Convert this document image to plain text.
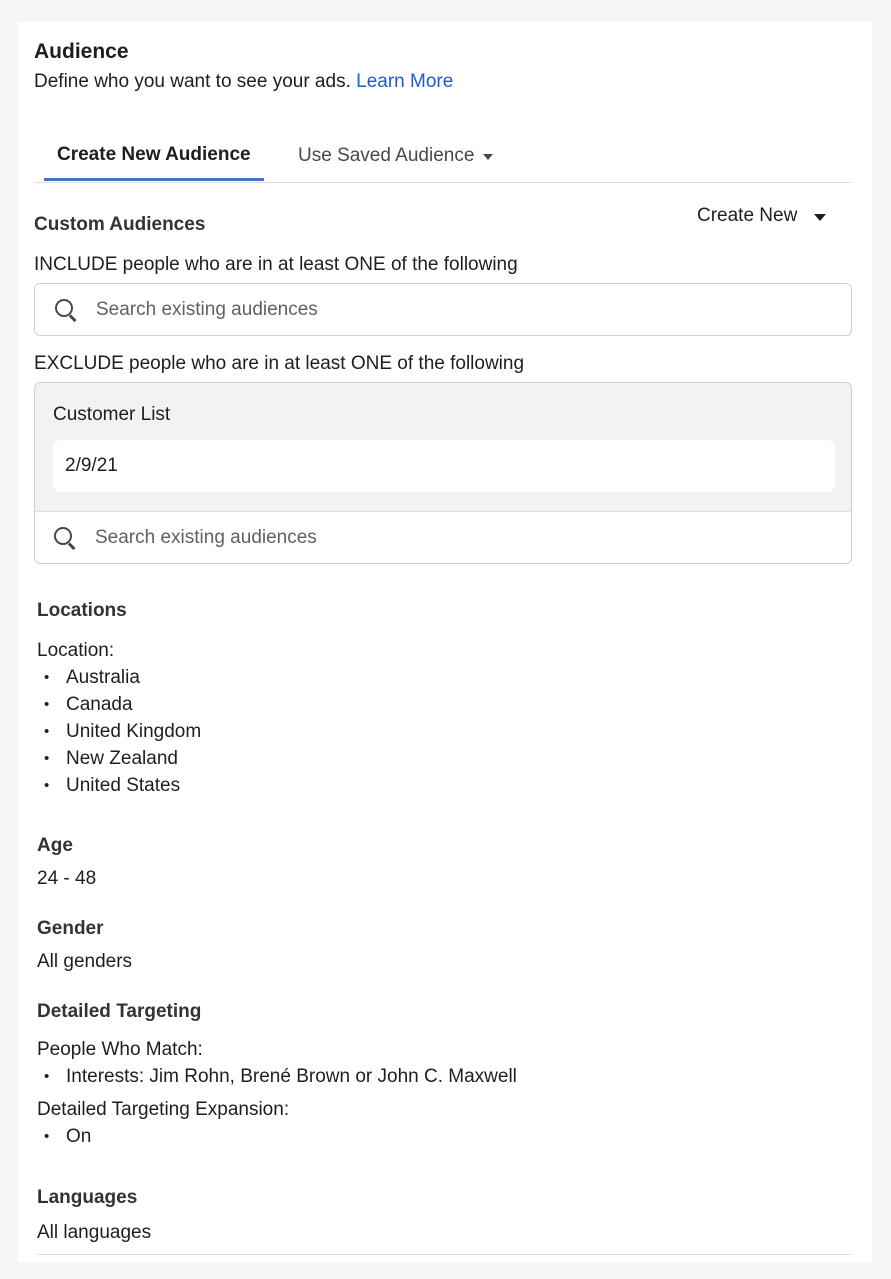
Audience
Define who you want to see your ads. Learn More
Create New Audience Use Saved Audience
Custom Audiences	Create New
INCLUDE people who are in at least ONE of the following
Search existing audiences
EXCLUDE people who are in at least ONE of the following
Customer List
2/9/21
Search existing audiences
Locations
Location:
• Australia
• Canada
• United Kingdom
• New Zealand
• United States
Age
24 - 48
Gender
All genders
Detailed Targeting
People Who Match:
• Interests: Jim Rohn, Brené Brown or John C. Maxwell
Detailed Targeting Expansion:
• On
Languages
All languages
